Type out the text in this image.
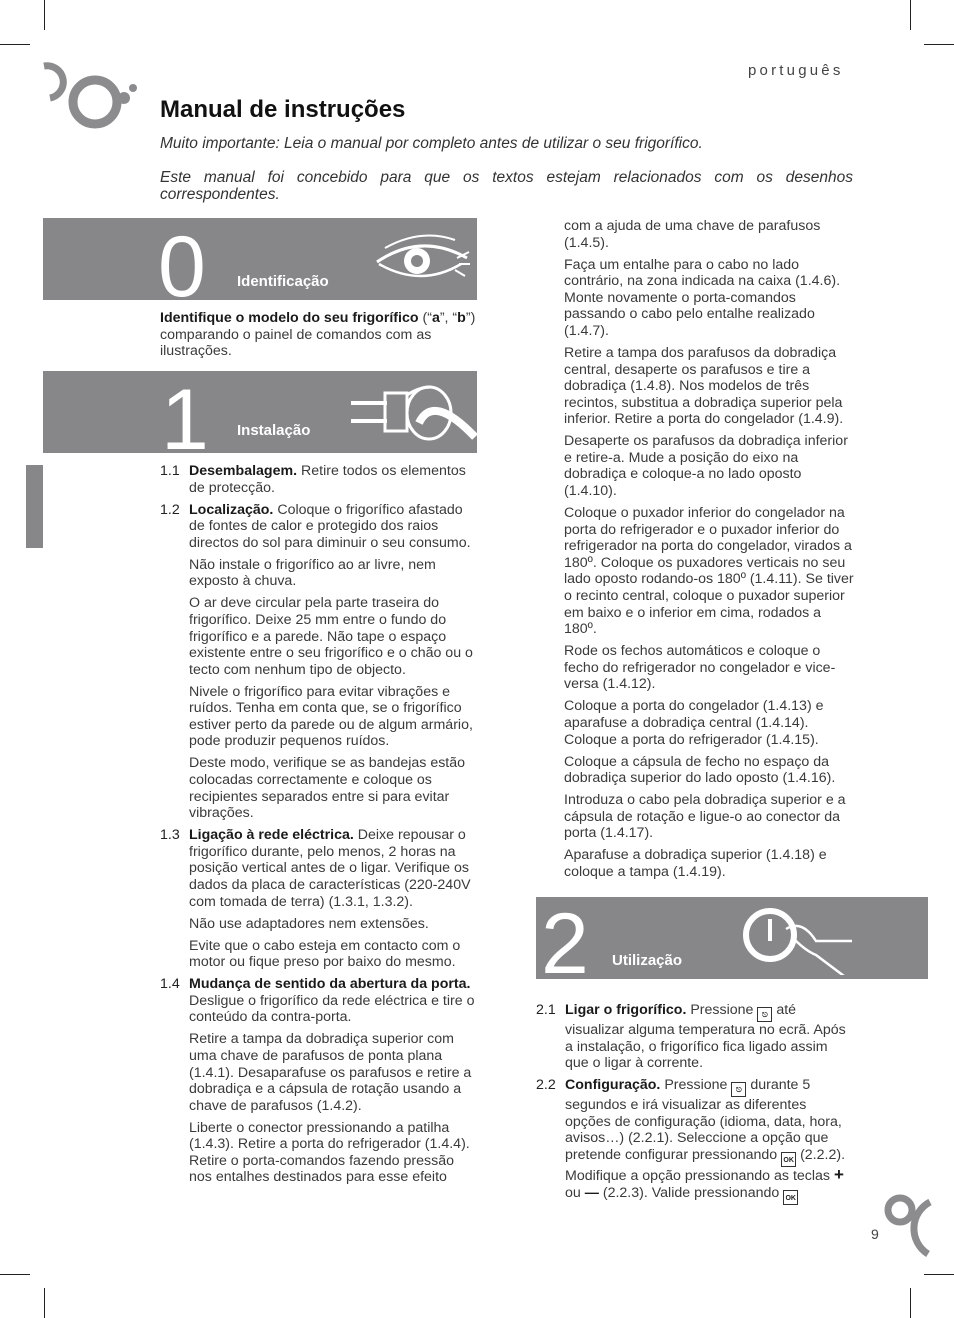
português
Manual de instruções

Muito importante: Leia o manual por completo antes de utilizar o seu frigorífico.

Este manual foi concebido para que os textos estejam relacionados com os desenhos correspondentes.

0 Identificação

Identifique o modelo do seu frigorífico (“a”, “b”) comparando o painel de comandos com as ilustrações.

1 Instalação
1.1 Desembalagem. Retire todos os elementos de protecção.
1.2 Localização. Coloque o frigorífico afastado de fontes de calor e protegido dos raios directos do sol para diminuir o seu consumo.

Não instale o frigorífico ao ar livre, nem exposto à chuva.

O ar deve circular pela parte traseira do frigorífico. Deixe 25 mm entre o fundo do frigorífico e a parede. Não tape o espaço existente entre o seu frigorífico e o chão ou o tecto com nenhum tipo de objecto.

Nivele o frigorífico para evitar vibrações e ruídos. Tenha em conta que, se o frigorífico estiver perto da parede ou de algum armário, pode produzir pequenos ruídos.

Deste modo, verifique se as bandejas estão colocadas correctamente e coloque os recipientes separados entre si para evitar vibrações.

1.3 Ligação à rede eléctrica. Deixe repousar o frigorífico durante, pelo menos, 2 horas na posição vertical antes de o ligar. Verifique os dados da placa de características (220-240V com tomada de terra) (1.3.1, 1.3.2).

Não use adaptadores nem extensões.

Evite que o cabo esteja em contacto com o motor ou fique preso por baixo do mesmo.

1.4 Mudança de sentido da abertura da porta. Desligue o frigorífico da rede eléctrica e tire o conteúdo da contra-porta.

Retire a tampa da dobradiça superior com uma chave de parafusos de ponta plana (1.4.1). Desaparafuse os parafusos e retire a dobradiça e a cápsula de rotação usando a chave de parafusos (1.4.2).

Liberte o conector pressionando a patilha (1.4.3). Retire a porta do refrigerador (1.4.4). Retire o porta-comandos fazendo pressão nos entalhes destinados para esse efeito

com a ajuda de uma chave de parafusos (1.4.5).

Faça um entalhe para o cabo no lado contrário, na zona indicada na caixa (1.4.6). Monte novamente o porta-comandos passando o cabo pelo entalhe realizado (1.4.7).

Retire a tampa dos parafusos da dobradiça central, desaperte os parafusos e tire a dobradiça (1.4.8). Nos modelos de três recintos, substitua a dobradiça superior pela inferior. Retire a porta do congelador (1.4.9).

Desaperte os parafusos da dobradiça inferior e retire-a. Mude a posição do eixo na dobradiça e coloque-a no lado oposto (1.4.10).

Coloque o puxador inferior do congelador na porta do refrigerador e o puxador inferior do refrigerador na porta do congelador, virados a 180º. Coloque os puxadores verticais no seu lado oposto rodando-os 180º (1.4.11). Se tiver o recinto central, coloque o puxador superior em baixo e o inferior em cima, rodados a 180º.

Rode os fechos automáticos e coloque o fecho do refrigerador no congelador e vice-versa (1.4.12).

Coloque a porta do congelador (1.4.13) e aparafuse a dobradiça central (1.4.14). Coloque a porta do refrigerador (1.4.15).

Coloque a cápsula de fecho no espaço da dobradiça superior do lado oposto (1.4.16).

Introduza o cabo pela dobradiça superior e a cápsula de rotação e ligue-o ao conector da porta (1.4.17).

Aparafuse a dobradiça superior (1.4.18) e coloque a tampa (1.4.19).

2 Utilização
2.1 Ligar o frigorífico. Pressione ⎋ até visualizar alguma temperatura no ecrã. Após a instalação, o frigorífico fica ligado assim que o ligar à corrente.
2.2 Configuração. Pressione ⎋ durante 5 segundos e irá visualizar as diferentes opções de configuração (idioma, data, hora, avisos…) (2.2.1). Seleccione a opção que pretende configurar pressionando OK (2.2.2). Modifique a opção pressionando as teclas + ou — (2.2.3). Valide pressionando OK
9
